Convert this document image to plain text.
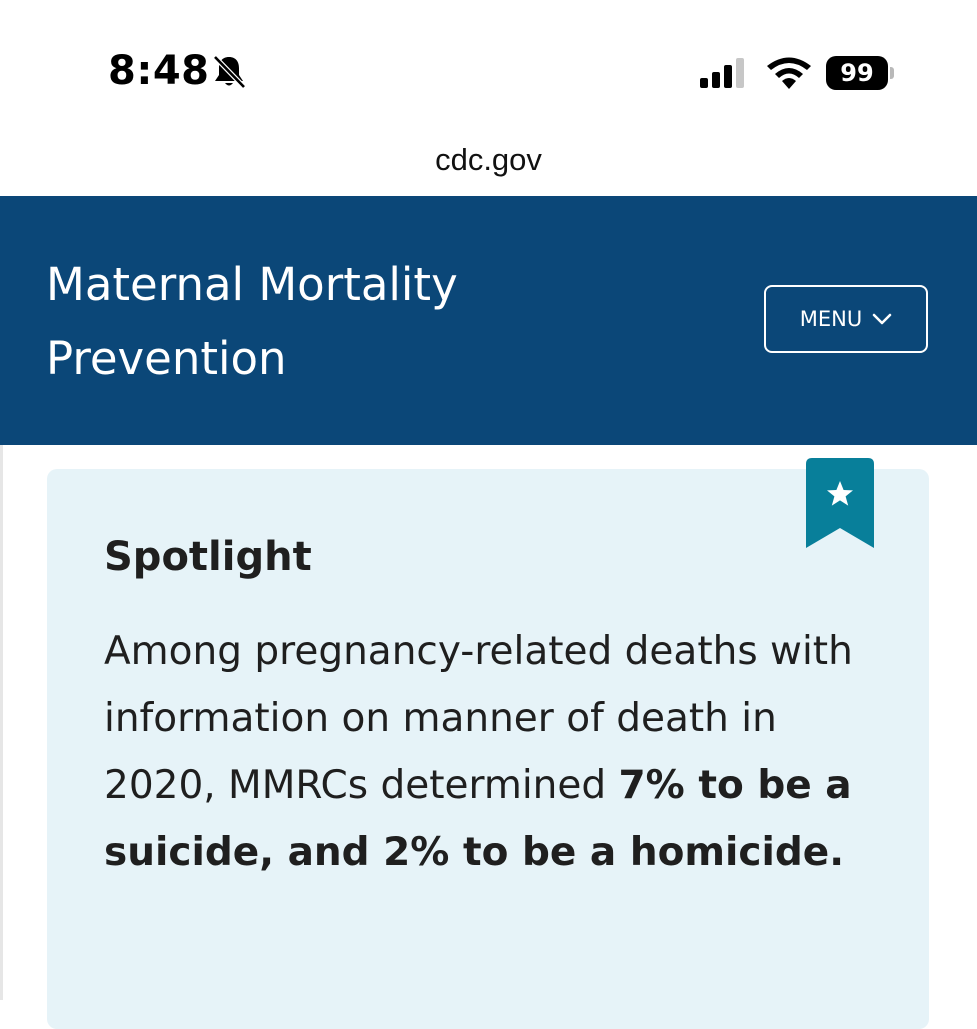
8:48	99
cdc.gov
Maternal Mortality Prevention
MENU
Spotlight
Among pregnancy-related deaths with information on manner of death in 2020, MMRCs determined 7% to be a suicide, and 2% to be a homicide.
